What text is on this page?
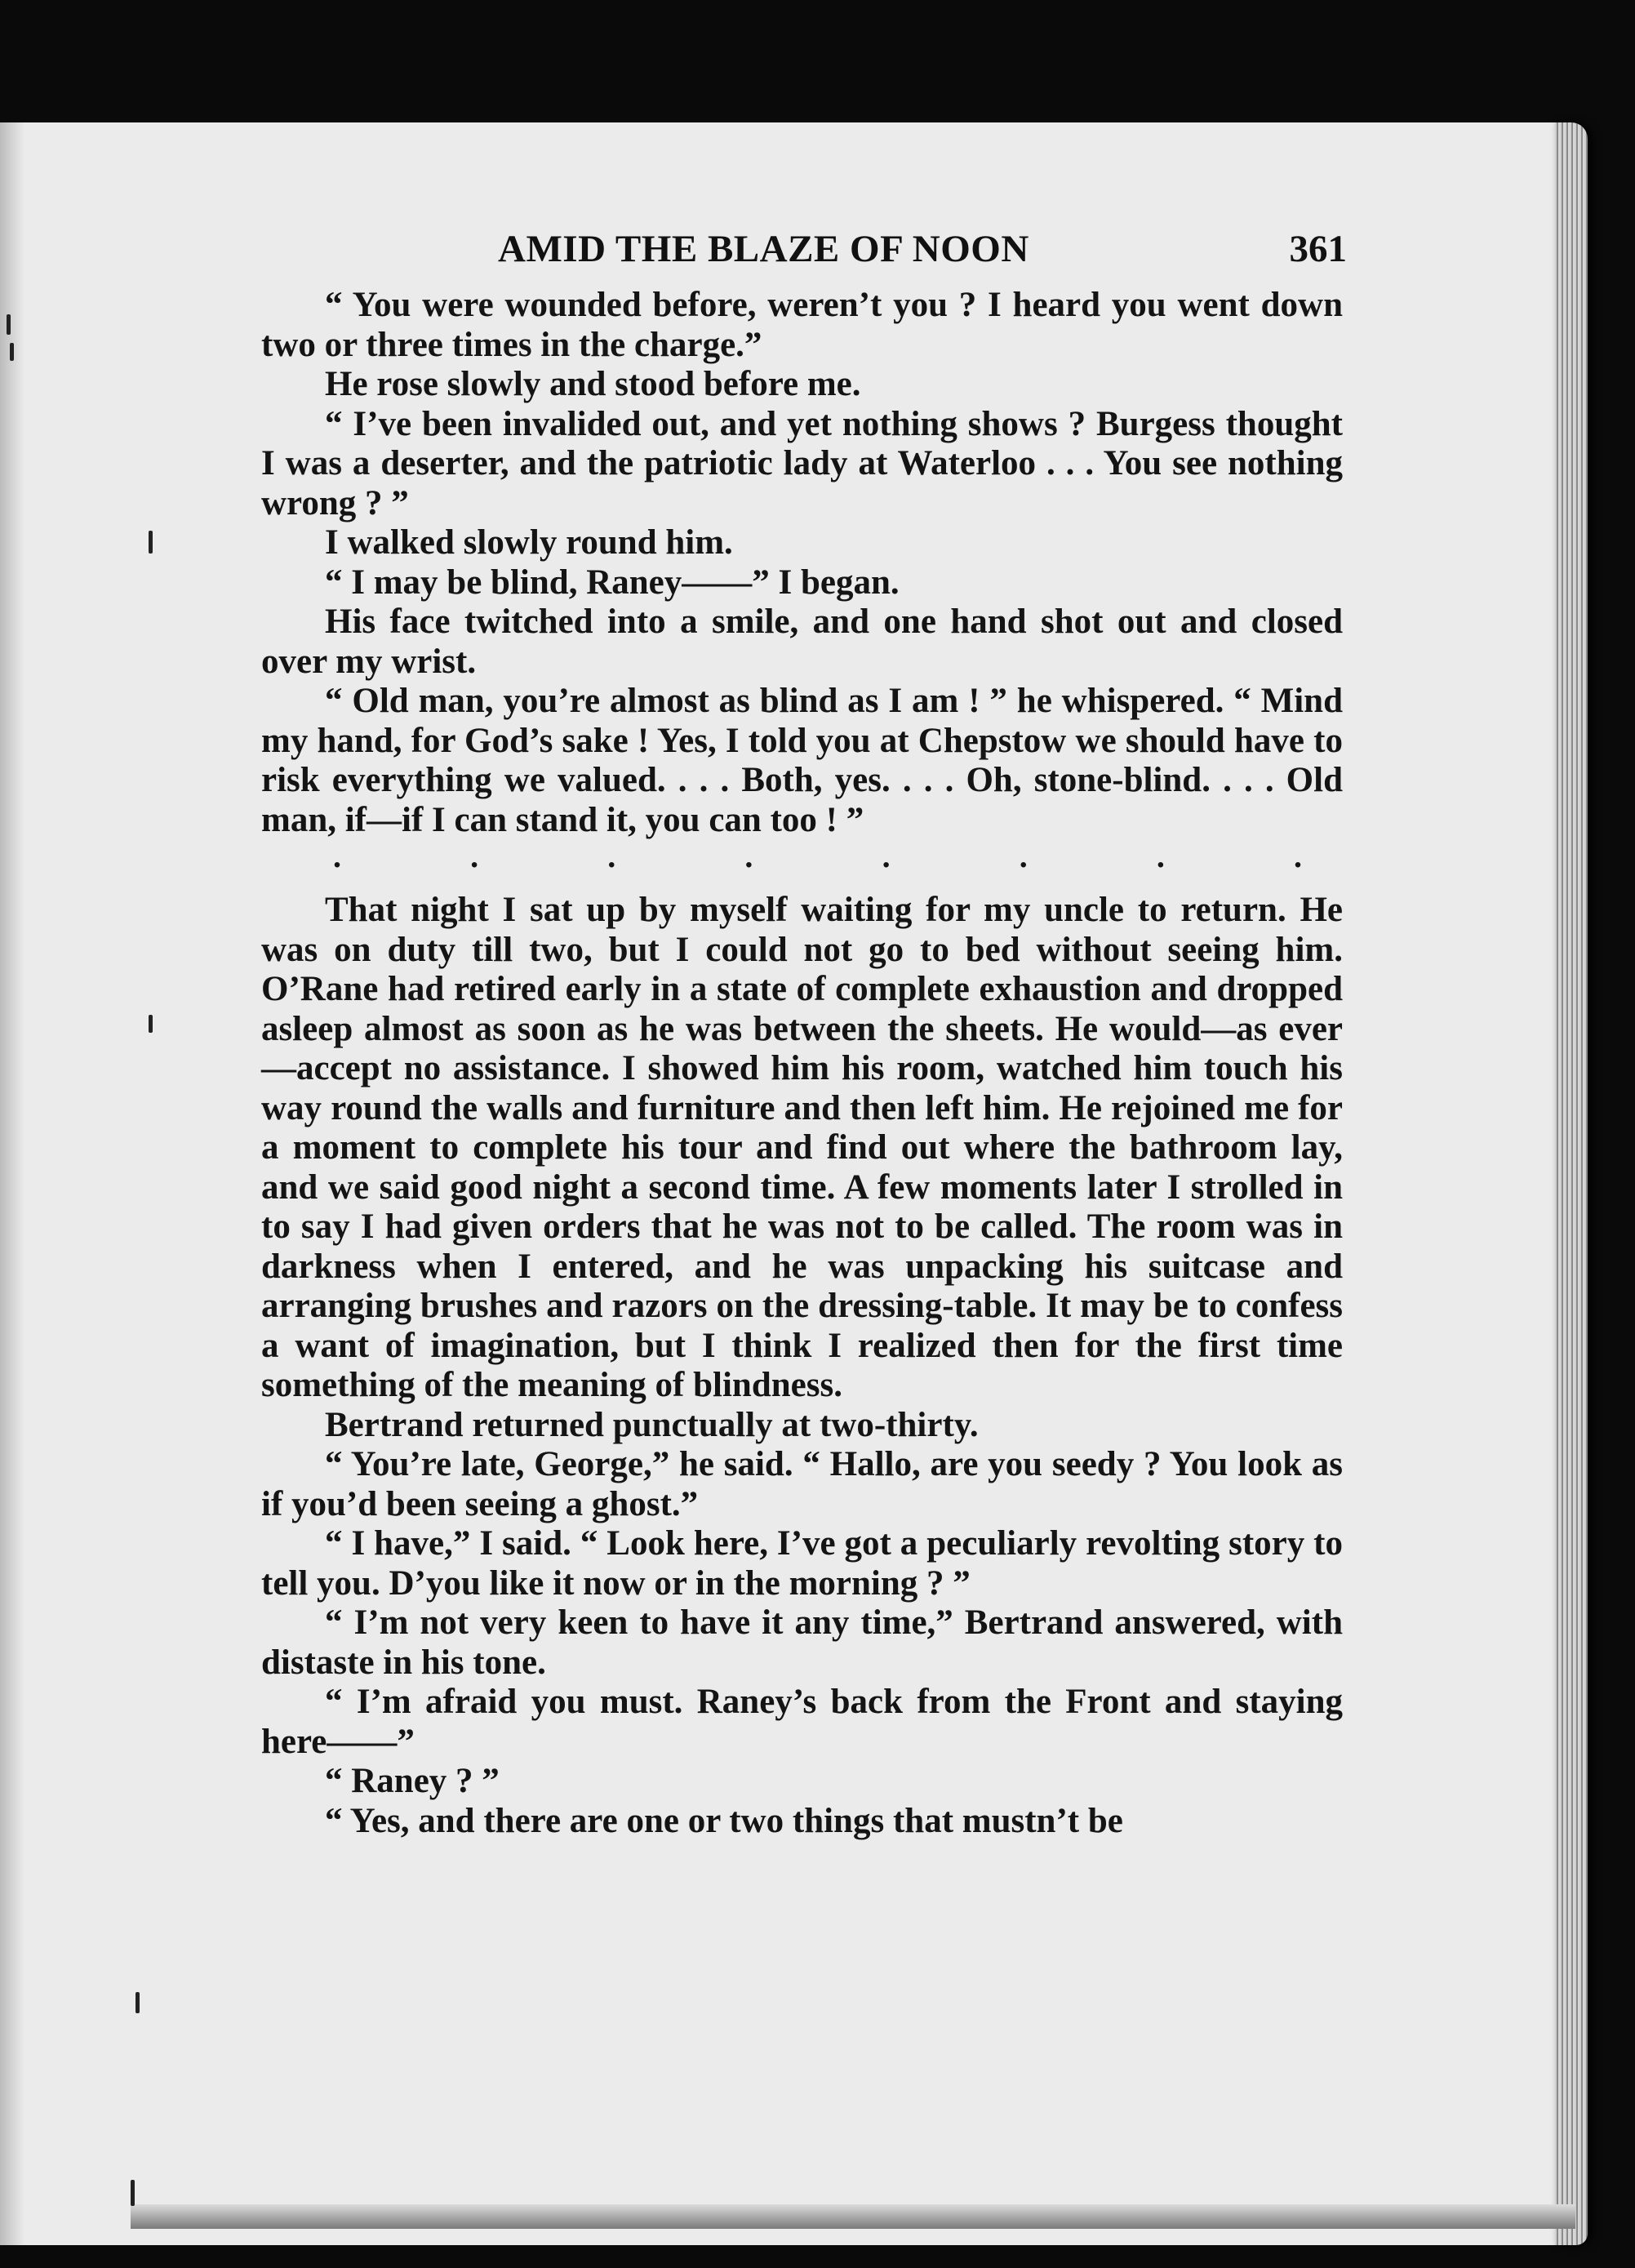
AMID THE BLAZE OF NOON	361

“ You were wounded before, weren’t you ? I heard you went down two or three times in the charge.”

He rose slowly and stood before me.

“ I’ve been invalided out, and yet nothing shows ? Burgess thought I was a deserter, and the patriotic lady at Waterloo . . . You see nothing wrong ? ”

I walked slowly round him.

“ I may be blind, Raney——” I began.

His face twitched into a smile, and one hand shot out and closed over my wrist.

“ Old man, you’re almost as blind as I am ! ” he whispered. “ Mind my hand, for God’s sake ! Yes, I told you at Chepstow we should have to risk everything we valued. . . . Both, yes. . . . Oh, stone-blind. . . . Old man, if—if I can stand it, you can too ! ”

.	.	.	.	.	.	.	.

That night I sat up by myself waiting for my uncle to return. He was on duty till two, but I could not go to bed without seeing him. O’Rane had retired early in a state of complete exhaustion and dropped asleep almost as soon as he was between the sheets. He would—as ever—accept no assistance. I showed him his room, watched him touch his way round the walls and furniture and then left him. He rejoined me for a moment to complete his tour and find out where the bathroom lay, and we said good night a second time. A few moments later I strolled in to say I had given orders that he was not to be called. The room was in darkness when I entered, and he was unpacking his suitcase and arranging brushes and razors on the dressing-table. It may be to confess a want of imagination, but I think I realized then for the first time something of the meaning of blindness.

Bertrand returned punctually at two-thirty.

“ You’re late, George,” he said. “ Hallo, are you seedy ? You look as if you’d been seeing a ghost.”

“ I have,” I said. “ Look here, I’ve got a peculiarly revolting story to tell you. D’you like it now or in the morning ? ”

“ I’m not very keen to have it any time,” Bertrand answered, with distaste in his tone.

“ I’m afraid you must. Raney’s back from the Front and staying here——”

“ Raney ? ”

“ Yes, and there are one or two things that mustn’t be
